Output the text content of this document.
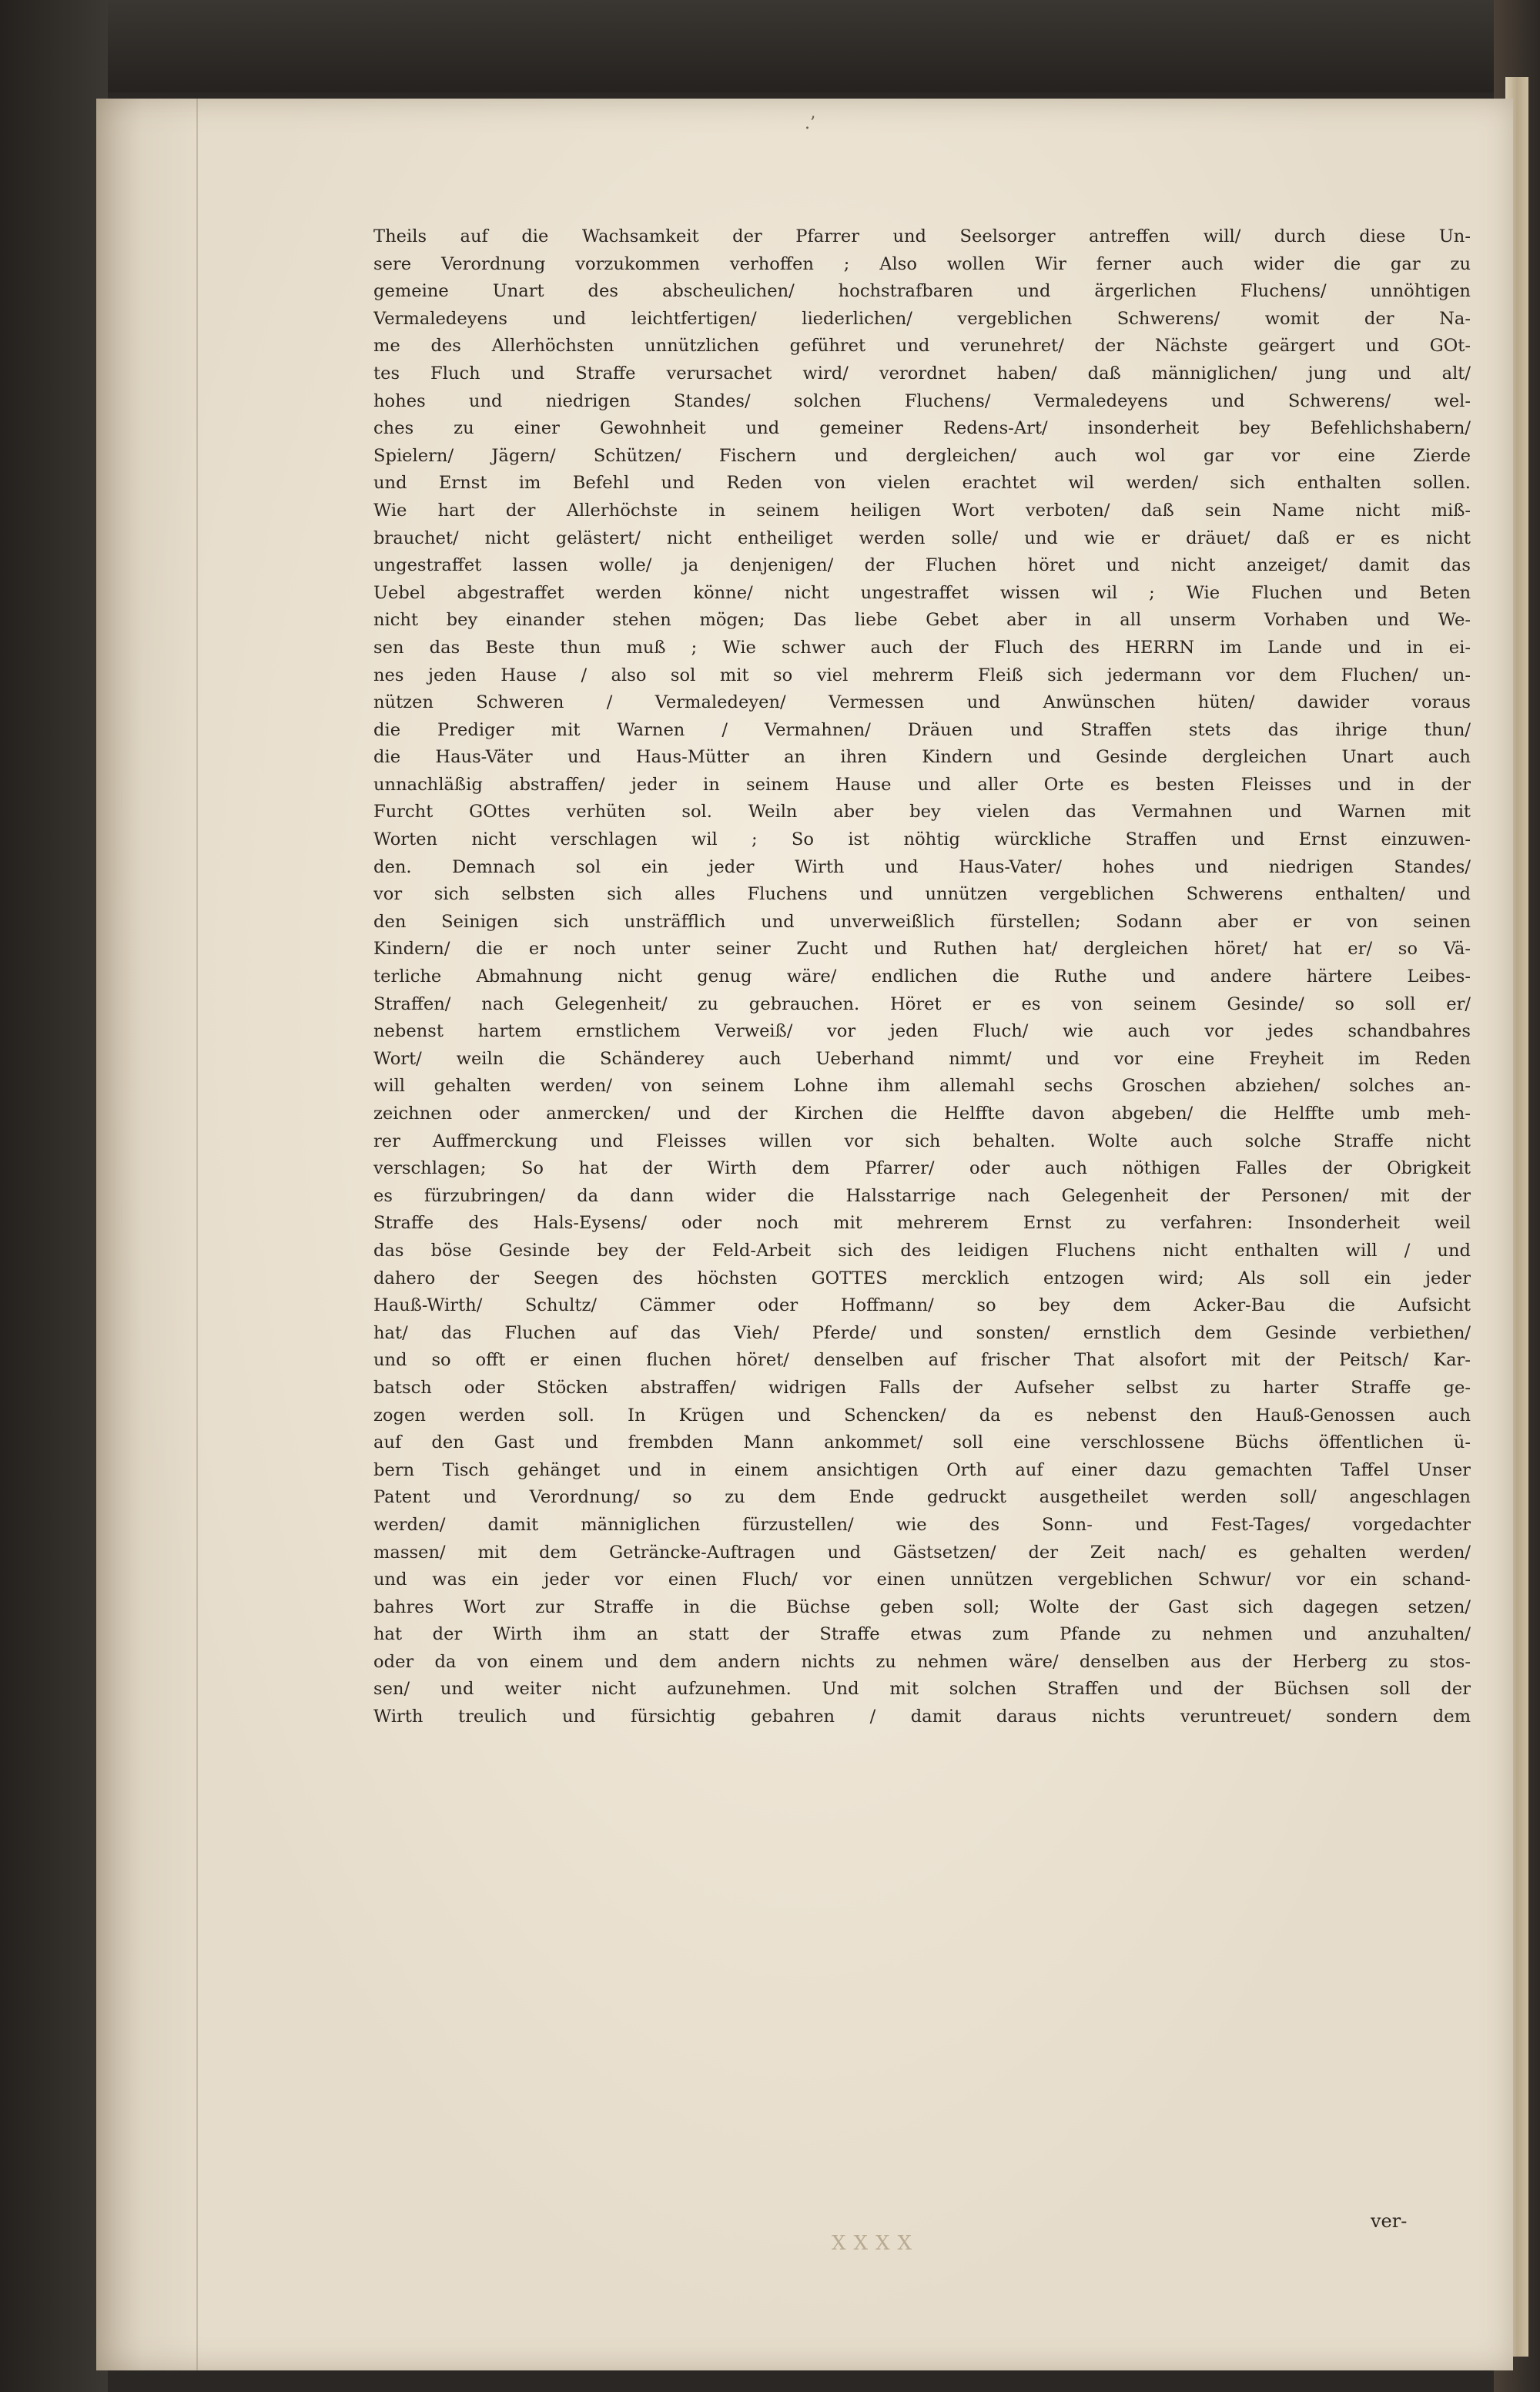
.’
Theils auf die Wachsamkeit der Pfarrer und Seelsorger antreffen will/ durch diese Un-
sere Verordnung vorzukommen verhoffen ; Also wollen Wir ferner auch wider die gar zu
gemeine Unart des abscheulichen/ hochstrafbaren und ärgerlichen Fluchens/ unnöhtigen
Vermaledeyens und leichtfertigen/ liederlichen/ vergeblichen Schwerens/ womit der Na-
me des Allerhöchsten unnützlichen geführet und verunehret/ der Nächste geärgert und GOt-
tes Fluch und Straffe verursachet wird/ verordnet haben/ daß männiglichen/ jung und alt/
hohes und niedrigen Standes/ solchen Fluchens/ Vermaledeyens und Schwerens/ wel-
ches zu einer Gewohnheit und gemeiner Redens-Art/ insonderheit bey Befehlichshabern/
Spielern/ Jägern/ Schützen/ Fischern und dergleichen/ auch wol gar vor eine Zierde
und Ernst im Befehl und Reden von vielen erachtet wil werden/ sich enthalten sollen.
Wie hart der Allerhöchste in seinem heiligen Wort verboten/ daß sein Name nicht miß-
brauchet/ nicht gelästert/ nicht entheiliget werden solle/ und wie er dräuet/ daß er es nicht
ungestraffet lassen wolle/ ja denjenigen/ der Fluchen höret und nicht anzeiget/ damit das
Uebel abgestraffet werden könne/ nicht ungestraffet wissen wil ; Wie Fluchen und Beten
nicht bey einander stehen mögen; Das liebe Gebet aber in all unserm Vorhaben und We-
sen das Beste thun muß ; Wie schwer auch der Fluch des HERRN im Lande und in ei-
nes jeden Hause / also sol mit so viel mehrerm Fleiß sich jedermann vor dem Fluchen/ un-
nützen Schweren / Vermaledeyen/ Vermessen und Anwünschen hüten/ dawider voraus
die Prediger mit Warnen / Vermahnen/ Dräuen und Straffen stets das ihrige thun/
die Haus-Väter und Haus-Mütter an ihren Kindern und Gesinde dergleichen Unart auch
unnachläßig abstraffen/ jeder in seinem Hause und aller Orte es besten Fleisses und in der
Furcht GOttes verhüten sol. Weiln aber bey vielen das Vermahnen und Warnen mit
Worten nicht verschlagen wil ; So ist nöhtig würckliche Straffen und Ernst einzuwen-
den. Demnach sol ein jeder Wirth und Haus-Vater/ hohes und niedrigen Standes/
vor sich selbsten sich alles Fluchens und unnützen vergeblichen Schwerens enthalten/ und
den Seinigen sich unsträfflich und unverweißlich fürstellen; Sodann aber er von seinen
Kindern/ die er noch unter seiner Zucht und Ruthen hat/ dergleichen höret/ hat er/ so Vä-
terliche Abmahnung nicht genug wäre/ endlichen die Ruthe und andere härtere Leibes-
Straffen/ nach Gelegenheit/ zu gebrauchen. Höret er es von seinem Gesinde/ so soll er/
nebenst hartem ernstlichem Verweiß/ vor jeden Fluch/ wie auch vor jedes schandbahres
Wort/ weiln die Schänderey auch Ueberhand nimmt/ und vor eine Freyheit im Reden
will gehalten werden/ von seinem Lohne ihm allemahl sechs Groschen abziehen/ solches an-
zeichnen oder anmercken/ und der Kirchen die Helffte davon abgeben/ die Helffte umb meh-
rer Auffmerckung und Fleisses willen vor sich behalten. Wolte auch solche Straffe nicht
verschlagen; So hat der Wirth dem Pfarrer/ oder auch nöthigen Falles der Obrigkeit
es fürzubringen/ da dann wider die Halsstarrige nach Gelegenheit der Personen/ mit der
Straffe des Hals-Eysens/ oder noch mit mehrerem Ernst zu verfahren: Insonderheit weil
das böse Gesinde bey der Feld-Arbeit sich des leidigen Fluchens nicht enthalten will / und
dahero der Seegen des höchsten GOTTES mercklich entzogen wird; Als soll ein jeder
Hauß-Wirth/ Schultz/ Cämmer oder Hoffmann/ so bey dem Acker-Bau die Aufsicht
hat/ das Fluchen auf das Vieh/ Pferde/ und sonsten/ ernstlich dem Gesinde verbiethen/
und so offt er einen fluchen höret/ denselben auf frischer That alsofort mit der Peitsch/ Kar-
batsch oder Stöcken abstraffen/ widrigen Falls der Aufseher selbst zu harter Straffe ge-
zogen werden soll. In Krügen und Schencken/ da es nebenst den Hauß-Genossen auch
auf den Gast und frembden Mann ankommet/ soll eine verschlossene Büchs öffentlichen ü-
bern Tisch gehänget und in einem ansichtigen Orth auf einer dazu gemachten Taffel Unser
Patent und Verordnung/ so zu dem Ende gedruckt ausgetheilet werden soll/ angeschlagen
werden/ damit männiglichen fürzustellen/ wie des Sonn- und Fest-Tages/ vorgedachter
massen/ mit dem Geträncke-Auftragen und Gästsetzen/ der Zeit nach/ es gehalten werden/
und was ein jeder vor einen Fluch/ vor einen unnützen vergeblichen Schwur/ vor ein schand-
bahres Wort zur Straffe in die Büchse geben soll; Wolte der Gast sich dagegen setzen/
hat der Wirth ihm an statt der Straffe etwas zum Pfande zu nehmen und anzuhalten/
oder da von einem und dem andern nichts zu nehmen wäre/ denselben aus der Herberg zu stos-
sen/ und weiter nicht aufzunehmen. Und mit solchen Straffen und der Büchsen soll der
Wirth treulich und fürsichtig gebahren / damit daraus nichts veruntreuet/ sondern dem
XXXX
ver-
